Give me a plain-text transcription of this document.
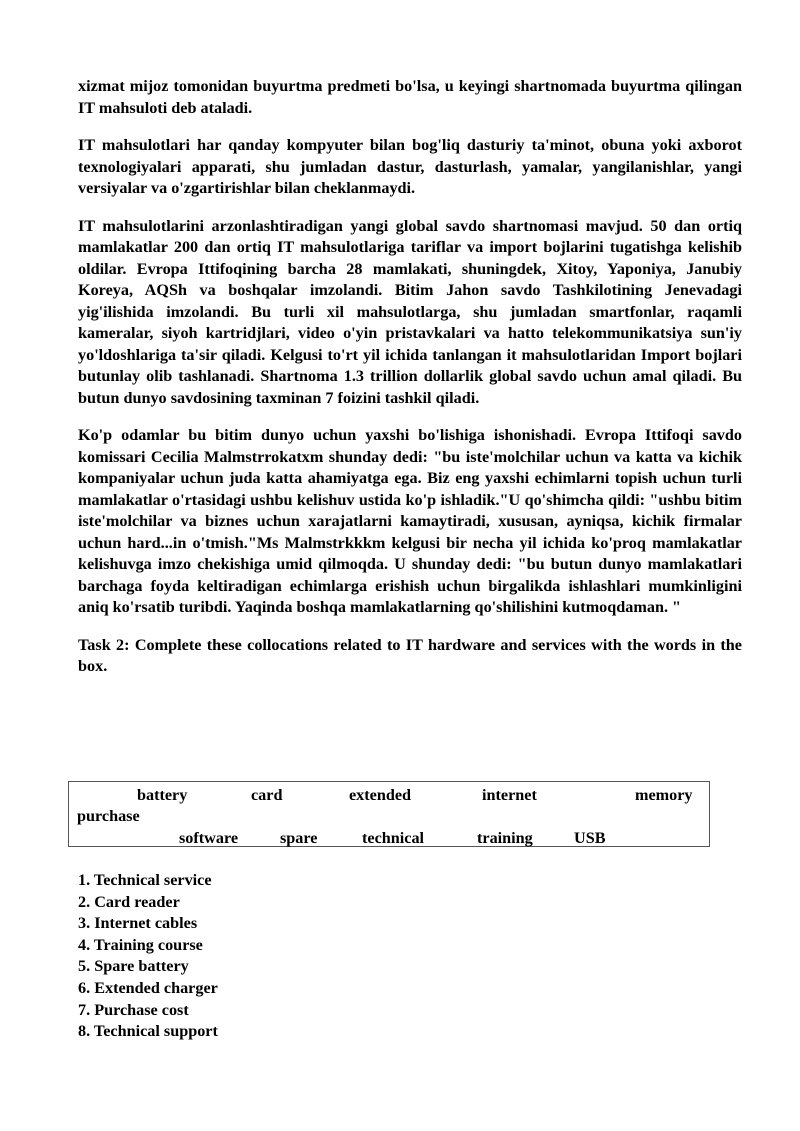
xizmat mijoz tomonidan buyurtma predmeti bo'lsa, u keyingi shartnomada buyurtma qilingan IT mahsuloti deb ataladi.

IT mahsulotlari har qanday kompyuter bilan bog'liq dasturiy ta'minot, obuna yoki axborot texnologiyalari apparati, shu jumladan dastur, dasturlash, yamalar, yangilanishlar, yangi versiyalar va o'zgartirishlar bilan cheklanmaydi.

IT mahsulotlarini arzonlashtiradigan yangi global savdo shartnomasi mavjud. 50 dan ortiq mamlakatlar 200 dan ortiq IT mahsulotlariga tariflar va import bojlarini tugatishga kelishib oldilar. Evropa Ittifoqining barcha 28 mamlakati, shuningdek, Xitoy, Yaponiya, Janubiy Koreya, AQSh va boshqalar imzolandi. Bitim Jahon savdo Tashkilotining Jenevadagi yig'ilishida imzolandi. Bu turli xil mahsulotlarga, shu jumladan smartfonlar, raqamli kameralar, siyoh kartridjlari, video o'yin pristavkalari va hatto telekommunikatsiya sun'iy yo'ldoshlariga ta'sir qiladi. Kelgusi to'rt yil ichida tanlangan it mahsulotlaridan Import bojlari butunlay olib tashlanadi. Shartnoma 1.3 trillion dollarlik global savdo uchun amal qiladi. Bu butun dunyo savdosining taxminan 7 foizini tashkil qiladi.

Ko'p odamlar bu bitim dunyo uchun yaxshi bo'lishiga ishonishadi. Evropa Ittifoqi savdo komissari Cecilia Malmstrrokatxm shunday dedi: "bu iste'molchilar uchun va katta va kichik kompaniyalar uchun juda katta ahamiyatga ega. Biz eng yaxshi echimlarni topish uchun turli mamlakatlar o'rtasidagi ushbu kelishuv ustida ko'p ishladik."U qo'shimcha qildi: "ushbu bitim iste'molchilar va biznes uchun xarajatlarni kamaytiradi, xususan, ayniqsa, kichik firmalar uchun hard...in o'tmish."Ms Malmstrkkkm kelgusi bir necha yil ichida ko'proq mamlakatlar kelishuvga imzo chekishiga umid qilmoqda. U shunday dedi: "bu butun dunyo mamlakatlari barchaga foyda keltiradigan echimlarga erishish uchun birgalikda ishlashlari mumkinligini aniq ko'rsatib turibdi. Yaqinda boshqa mamlakatlarning qo'shilishini kutmoqdaman. "

Task 2: Complete these collocations related to IT hardware and services with the words in the box.

battery	card	extended	internet	memory
purchase
software	spare	technical	training	USB
1. Technical service
2. Card reader
3. Internet cables
4. Training course
5. Spare battery
6. Extended charger
7. Purchase cost
8. Technical support
